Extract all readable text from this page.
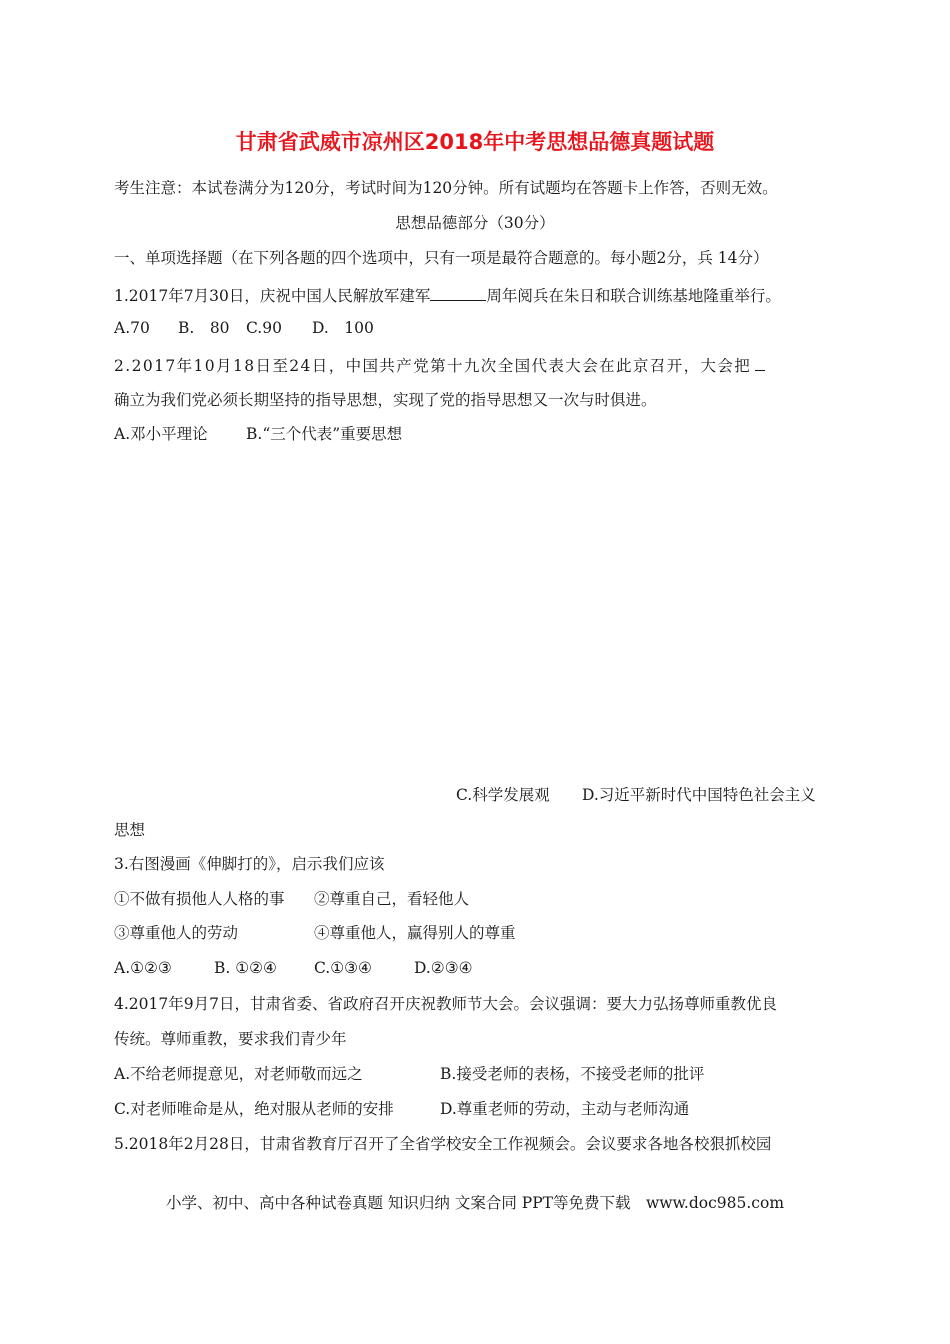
甘肃省武威市凉州区2018年中考思想品德真题试题
考生注意：本试卷满分为120分，考试时间为120分钟。所有试题均在答题卡上作答，否则无效。
思想品德部分（30分）
一、单项选择题（在下列各题的四个选项中，只有一项是最符合题意的。每小题2分，兵 14分）
1.2017年7月30日，庆祝中国人民解放军建军	周年阅兵在朱日和联合训练基地隆重举行。
A.70 B.　80 C.90 D.　100
2.2017年10月18日至24日，中国共产党第十九次全国代表大会在此京召开，大会把
确立为我们党必须长期坚持的指导思想，实现了党的指导思想又一次与时俱进。
A.邓小平理论 B.“三个代表”重要思想
C.科学发展观 D.习近平新时代中国特色社会主义
思想
3.右图漫画《伸脚打的》，启示我们应该
①不做有损他人人格的事 ②尊重自己，看轻他人
③尊重他人的劳动	④尊重他人，赢得别人的尊重
A.①②③	B. ①②④ C.①③④	D.②③④
4.2017年9月7日，甘肃省委、省政府召开庆祝教师节大会。会议强调：要大力弘扬尊师重教优良
传统。尊师重教，要求我们青少年
A.不给老师提意见，对老师敬而远之	B.接受老师的表杨，不接受老师的批评
C.对老师唯命是从，绝对服从老师的安排	D.尊重老师的劳动，主动与老师沟通
5.2018年2月28日，甘肃省教育厅召开了全省学校安全工作视频会。会议要求各地各校狠抓校园
小学、初中、高中各种试卷真题 知识归纳 文案合同 PPT等免费下载　www.doc985.com
